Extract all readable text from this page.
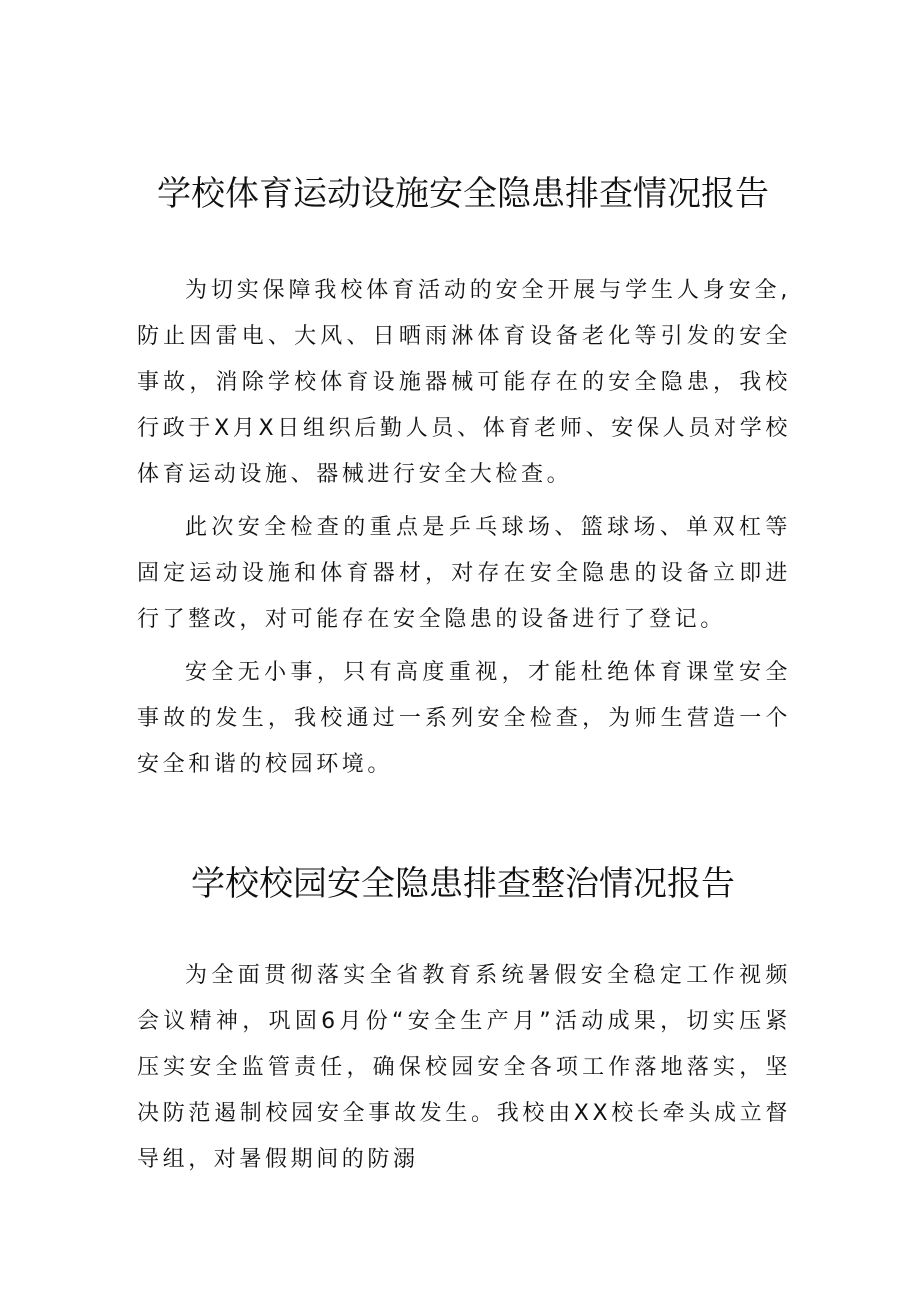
学校体育运动设施安全隐患排查情况报告

为切实保障我校体育活动的安全开展与学生人身安全,防止因雷电、大风、日晒雨淋体育设备老化等引发的安全事故，消除学校体育设施器械可能存在的安全隐患，我校行政于X月X日组织后勤人员、体育老师、安保人员对学校体育运动设施、器械进行安全大检查。

此次安全检查的重点是乒乓球场、篮球场、单双杠等固定运动设施和体育器材，对存在安全隐患的设备立即进行了整改，对可能存在安全隐患的设备进行了登记。

安全无小事，只有高度重视，才能杜绝体育课堂安全事故的发生，我校通过一系列安全检查，为师生营造一个安全和谐的校园环境。

学校校园安全隐患排查整治情况报告

为全面贯彻落实全省教育系统暑假安全稳定工作视频会议精神，巩固6月份“安全生产月”活动成果，切实压紧压实安全监管责任，确保校园安全各项工作落地落实，坚决防范遏制校园安全事故发生。我校由XX校长牵头成立督导组，对暑假期间的防溺
